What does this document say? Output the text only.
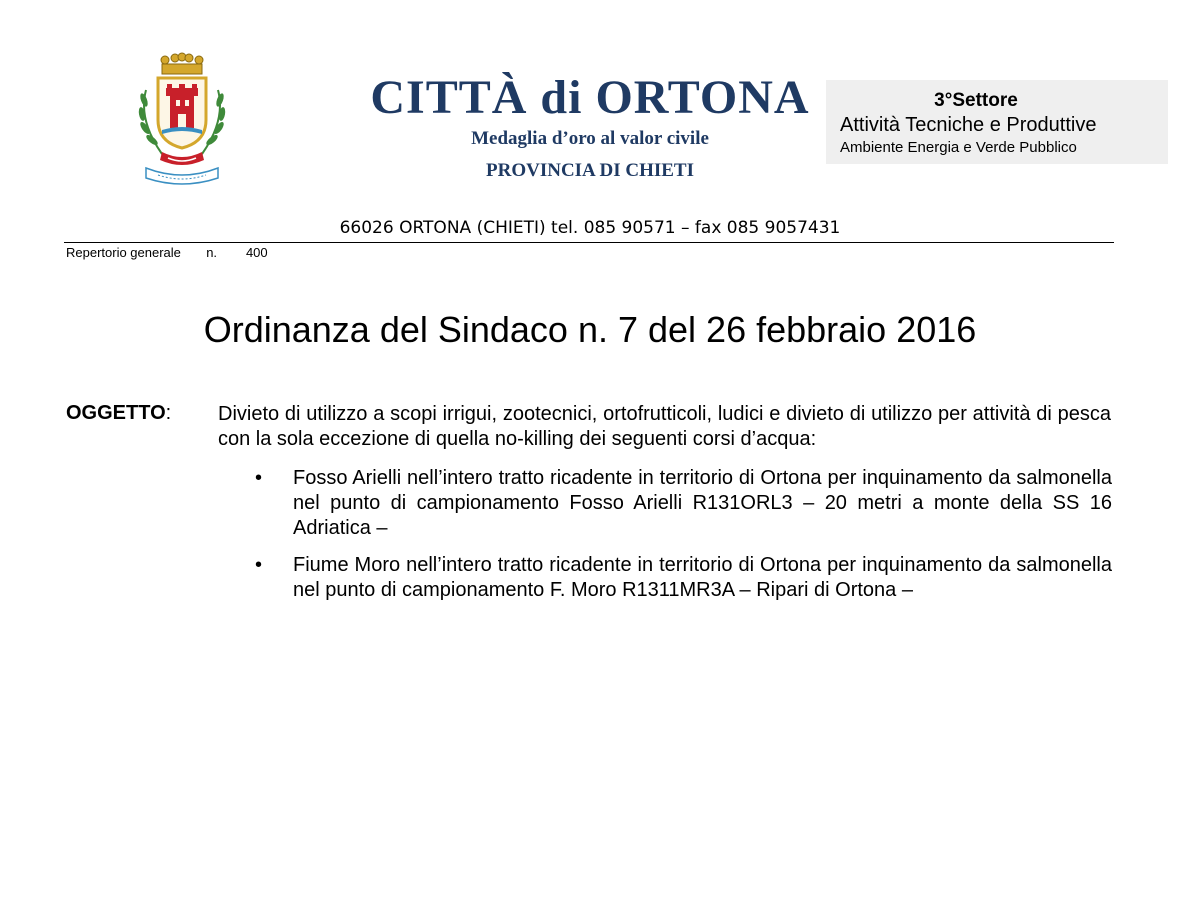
CITTÀ di ORTONA
Medaglia d’oro al valor civile
PROVINCIA DI CHIETI
3°Settore
Attività Tecniche e Produttive
Ambiente Energia e Verde Pubblico
66026 ORTONA (CHIETI) tel. 085 90571 – fax 085 9057431
Repertorio generale n. 400
Ordinanza del Sindaco n. 7 del 26 febbraio 2016
OGGETTO: Divieto di utilizzo a scopi irrigui, zootecnici, ortofrutticoli, ludici e divieto di utilizzo per attività di pesca con la sola eccezione di quella no-killing dei seguenti corsi d’acqua:
• Fosso Arielli nell’intero tratto ricadente in territorio di Ortona per inquinamento da salmonella nel punto di campionamento Fosso Arielli R131ORL3 – 20 metri a monte della SS 16 Adriatica –
• Fiume Moro nell’intero tratto ricadente in territorio di Ortona per inquinamento da salmonella nel punto di campionamento F. Moro R1311MR3A – Ripari di Ortona –
